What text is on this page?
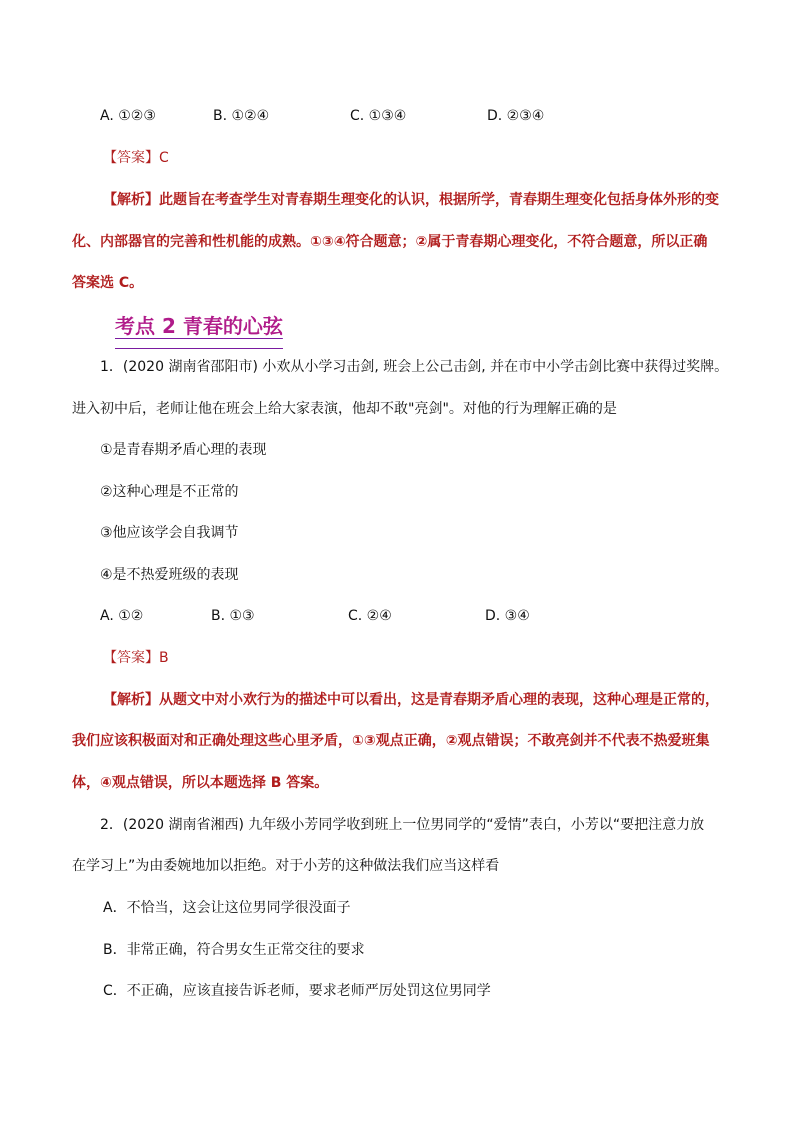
A. ①②③	B. ①②④	C. ①③④	D. ②③④
【答案】C
【解析】此题旨在考查学生对青春期生理变化的认识，根据所学，青春期生理变化包括身体外形的变
化、内部器官的完善和性机能的成熟。①③④符合题意；②属于青春期心理变化，不符合题意，所以正确
答案选 C。
考点 2 青春的心弦
1．(2020 湖南省邵阳市) 小欢从小学习击剑, 班会上公己击剑, 并在市中小学击剑比赛中获得过奖牌。
进入初中后，老师让他在班会上给大家表演，他却不敢"亮剑"。对他的行为理解正确的是
①是青春期矛盾心理的表现
②这种心理是不正常的
③他应该学会自我调节
④是不热爱班级的表现
A. ①②	B. ①③	C. ②④	D. ③④
【答案】B
【解析】从题文中对小欢行为的描述中可以看出，这是青春期矛盾心理的表现，这种心理是正常的，
我们应该积极面对和正确处理这些心里矛盾，①③观点正确，②观点错误；不敢亮剑并不代表不热爱班集
体，④观点错误，所以本题选择 B 答案。
2．(2020 湖南省湘西) 九年级小芳同学收到班上一位男同学的“爱情”表白，小芳以“要把注意力放
在学习上”为由委婉地加以拒绝。对于小芳的这种做法我们应当这样看
A．不恰当，这会让这位男同学很没面子
B．非常正确，符合男女生正常交往的要求
C．不正确，应该直接告诉老师，要求老师严厉处罚这位男同学
